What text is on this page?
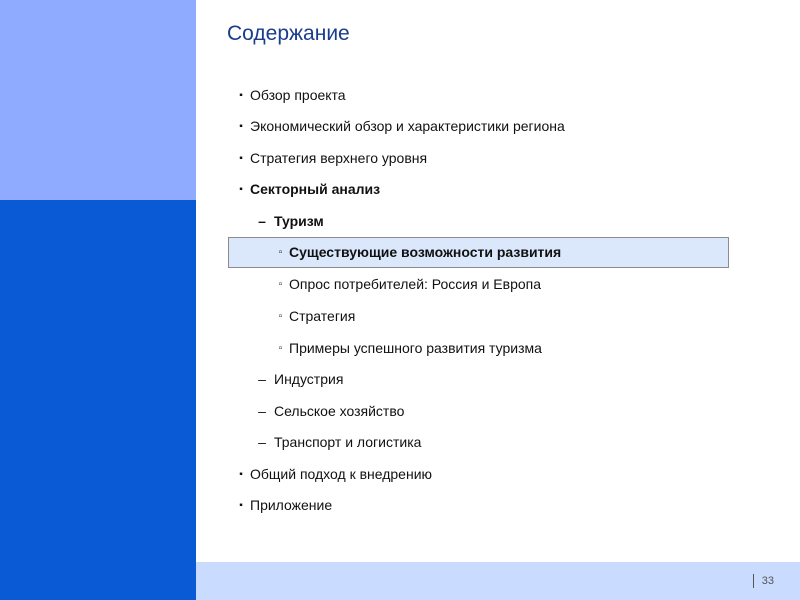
Содержание
▪ Обзор проекта
▪ Экономический обзор и характеристики региона
▪ Стратегия верхнего уровня
▪ Секторный анализ
– Туризм
▫ Существующие возможности развития
▫ Опрос потребителей: Россия и Европа
▫ Стратегия
▫ Примеры успешного развития туризма
– Индустрия
– Сельское хозяйство
– Транспорт и логистика
▪ Общий подход к внедрению
▪ Приложение
33
